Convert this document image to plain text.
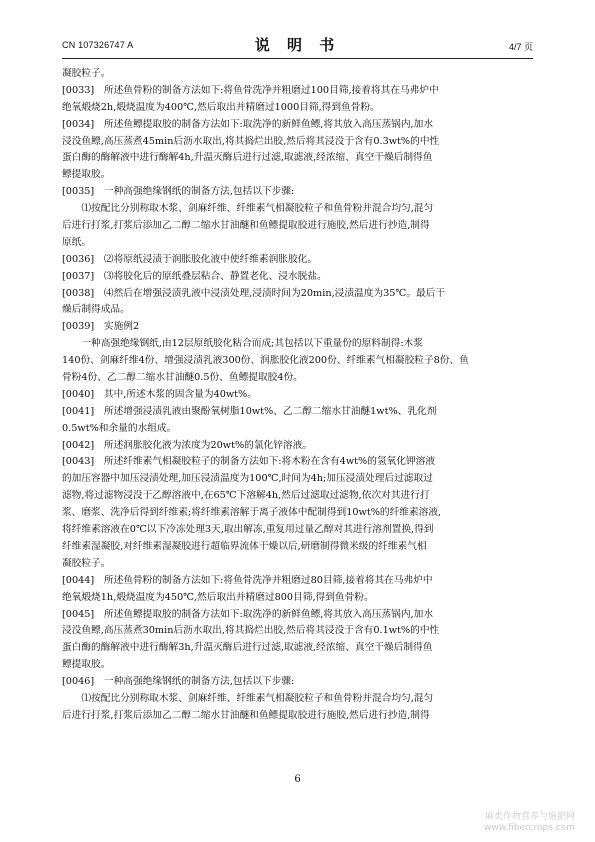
CN 107326747 A	说 明 书	4/7 页
凝胶粒子。
[0033]　所述鱼骨粉的制备方法如下:将鱼骨洗净并粗磨过100目筛,接着将其在马弗炉中
绝氧煅烧2h,煅烧温度为400℃,然后取出并精磨过1000目筛,得到鱼骨粉。
[0034]　所述鱼鳔提取胶的制备方法如下:取洗净的新鲜鱼鳔,将其放入高压蒸锅内,加水
浸没鱼鳔,高压蒸煮45min后沥水取出,将其捣烂出胶,然后将其浸没于含有0.3wt%的中性
蛋白酶的酶解液中进行酶解4h,升温灭酶后进行过滤,取滤液,经浓缩、真空干燥后制得鱼
鳔提取胶。
[0035]　一种高强绝缘钢纸的制备方法,包括以下步骤:
　　⑴按配比分别称取木浆、剑麻纤维、纤维素气相凝胶粒子和鱼骨粉并混合均匀,混匀
后进行打浆,打浆后添加乙二醇二缩水甘油醚和鱼鳔提取胶进行施胶,然后进行抄造,制得
原纸。
[0036]　⑵将原纸浸渍于润胀胶化液中使纤维素润胀胶化。
[0037]　⑶将胶化后的原纸叠层粘合、静置老化、浸水脱盐。
[0038]　⑷然后在增强浸渍乳液中浸渍处理,浸渍时间为20min,浸渍温度为35℃。最后干
燥后制得成品。
[0039]　实施例2
　　一种高强绝缘钢纸,由12层原纸胶化粘合而成;其包括以下重量份的原料制得:木浆
140份、剑麻纤维4份、增强浸渍乳液300份、润胀胶化液200份、纤维素气相凝胶粒子8份、鱼
骨粉4份、乙二醇二缩水甘油醚0.5份、鱼鳔提取胶4份。
[0040]　其中,所述木浆的固含量为40wt%。
[0041]　所述增强浸渍乳液由聚酚氧树脂10wt%、乙二醇二缩水甘油醚1wt%、乳化剂
0.5wt%和余量的水组成。
[0042]　所述润胀胶化液为浓度为20wt%的氯化锌溶液。
[0043]　所述纤维素气相凝胶粒子的制备方法如下:将木粉在含有4wt%的氢氧化钾溶液
的加压容器中加压浸渍处理,加压浸渍温度为100℃,时间为4h;加压浸渍处理后过滤取过
滤物,将过滤物浸没于乙醇溶液中,在65℃下溶解4h,然后过滤取过滤物,依次对其进行打
浆、磨浆、洗净后得到纤维素;将纤维素溶解于离子液体中配制得到10wt%的纤维素溶液,
将纤维素溶液在0℃以下冷冻处理3天,取出解冻,重复用过量乙醇对其进行溶剂置换,得到
纤维素湿凝胶,对纤维素湿凝胶进行超临界流体干燥以后,研磨制得微米级的纤维素气相
凝胶粒子。
[0044]　所述鱼骨粉的制备方法如下:将鱼骨洗净并粗磨过80目筛,接着将其在马弗炉中
绝氧煅烧1h,煅烧温度为450℃,然后取出并精磨过800目筛,得到鱼骨粉。
[0045]　所述鱼鳔提取胶的制备方法如下:取洗净的新鲜鱼鳔,将其放入高压蒸锅内,加水
浸没鱼鳔,高压蒸煮30min后沥水取出,将其捣烂出胶,然后将其浸没于含有0.1wt%的中性
蛋白酶的酶解液中进行酶解3h,升温灭酶后进行过滤,取滤液,经浓缩、真空干燥后制得鱼
鳔提取胶。
[0046]　一种高强绝缘钢纸的制备方法,包括以下步骤:
　　⑴按配比分别称取木浆、剑麻纤维、纤维素气相凝胶粒子和鱼骨粉并混合均匀,混匀
后进行打浆,打浆后添加乙二醇二缩水甘油醚和鱼鳔提取胶进行施胶,然后进行抄造,制得
6
麻类作物营养与施肥网
www.fibercrops.com
